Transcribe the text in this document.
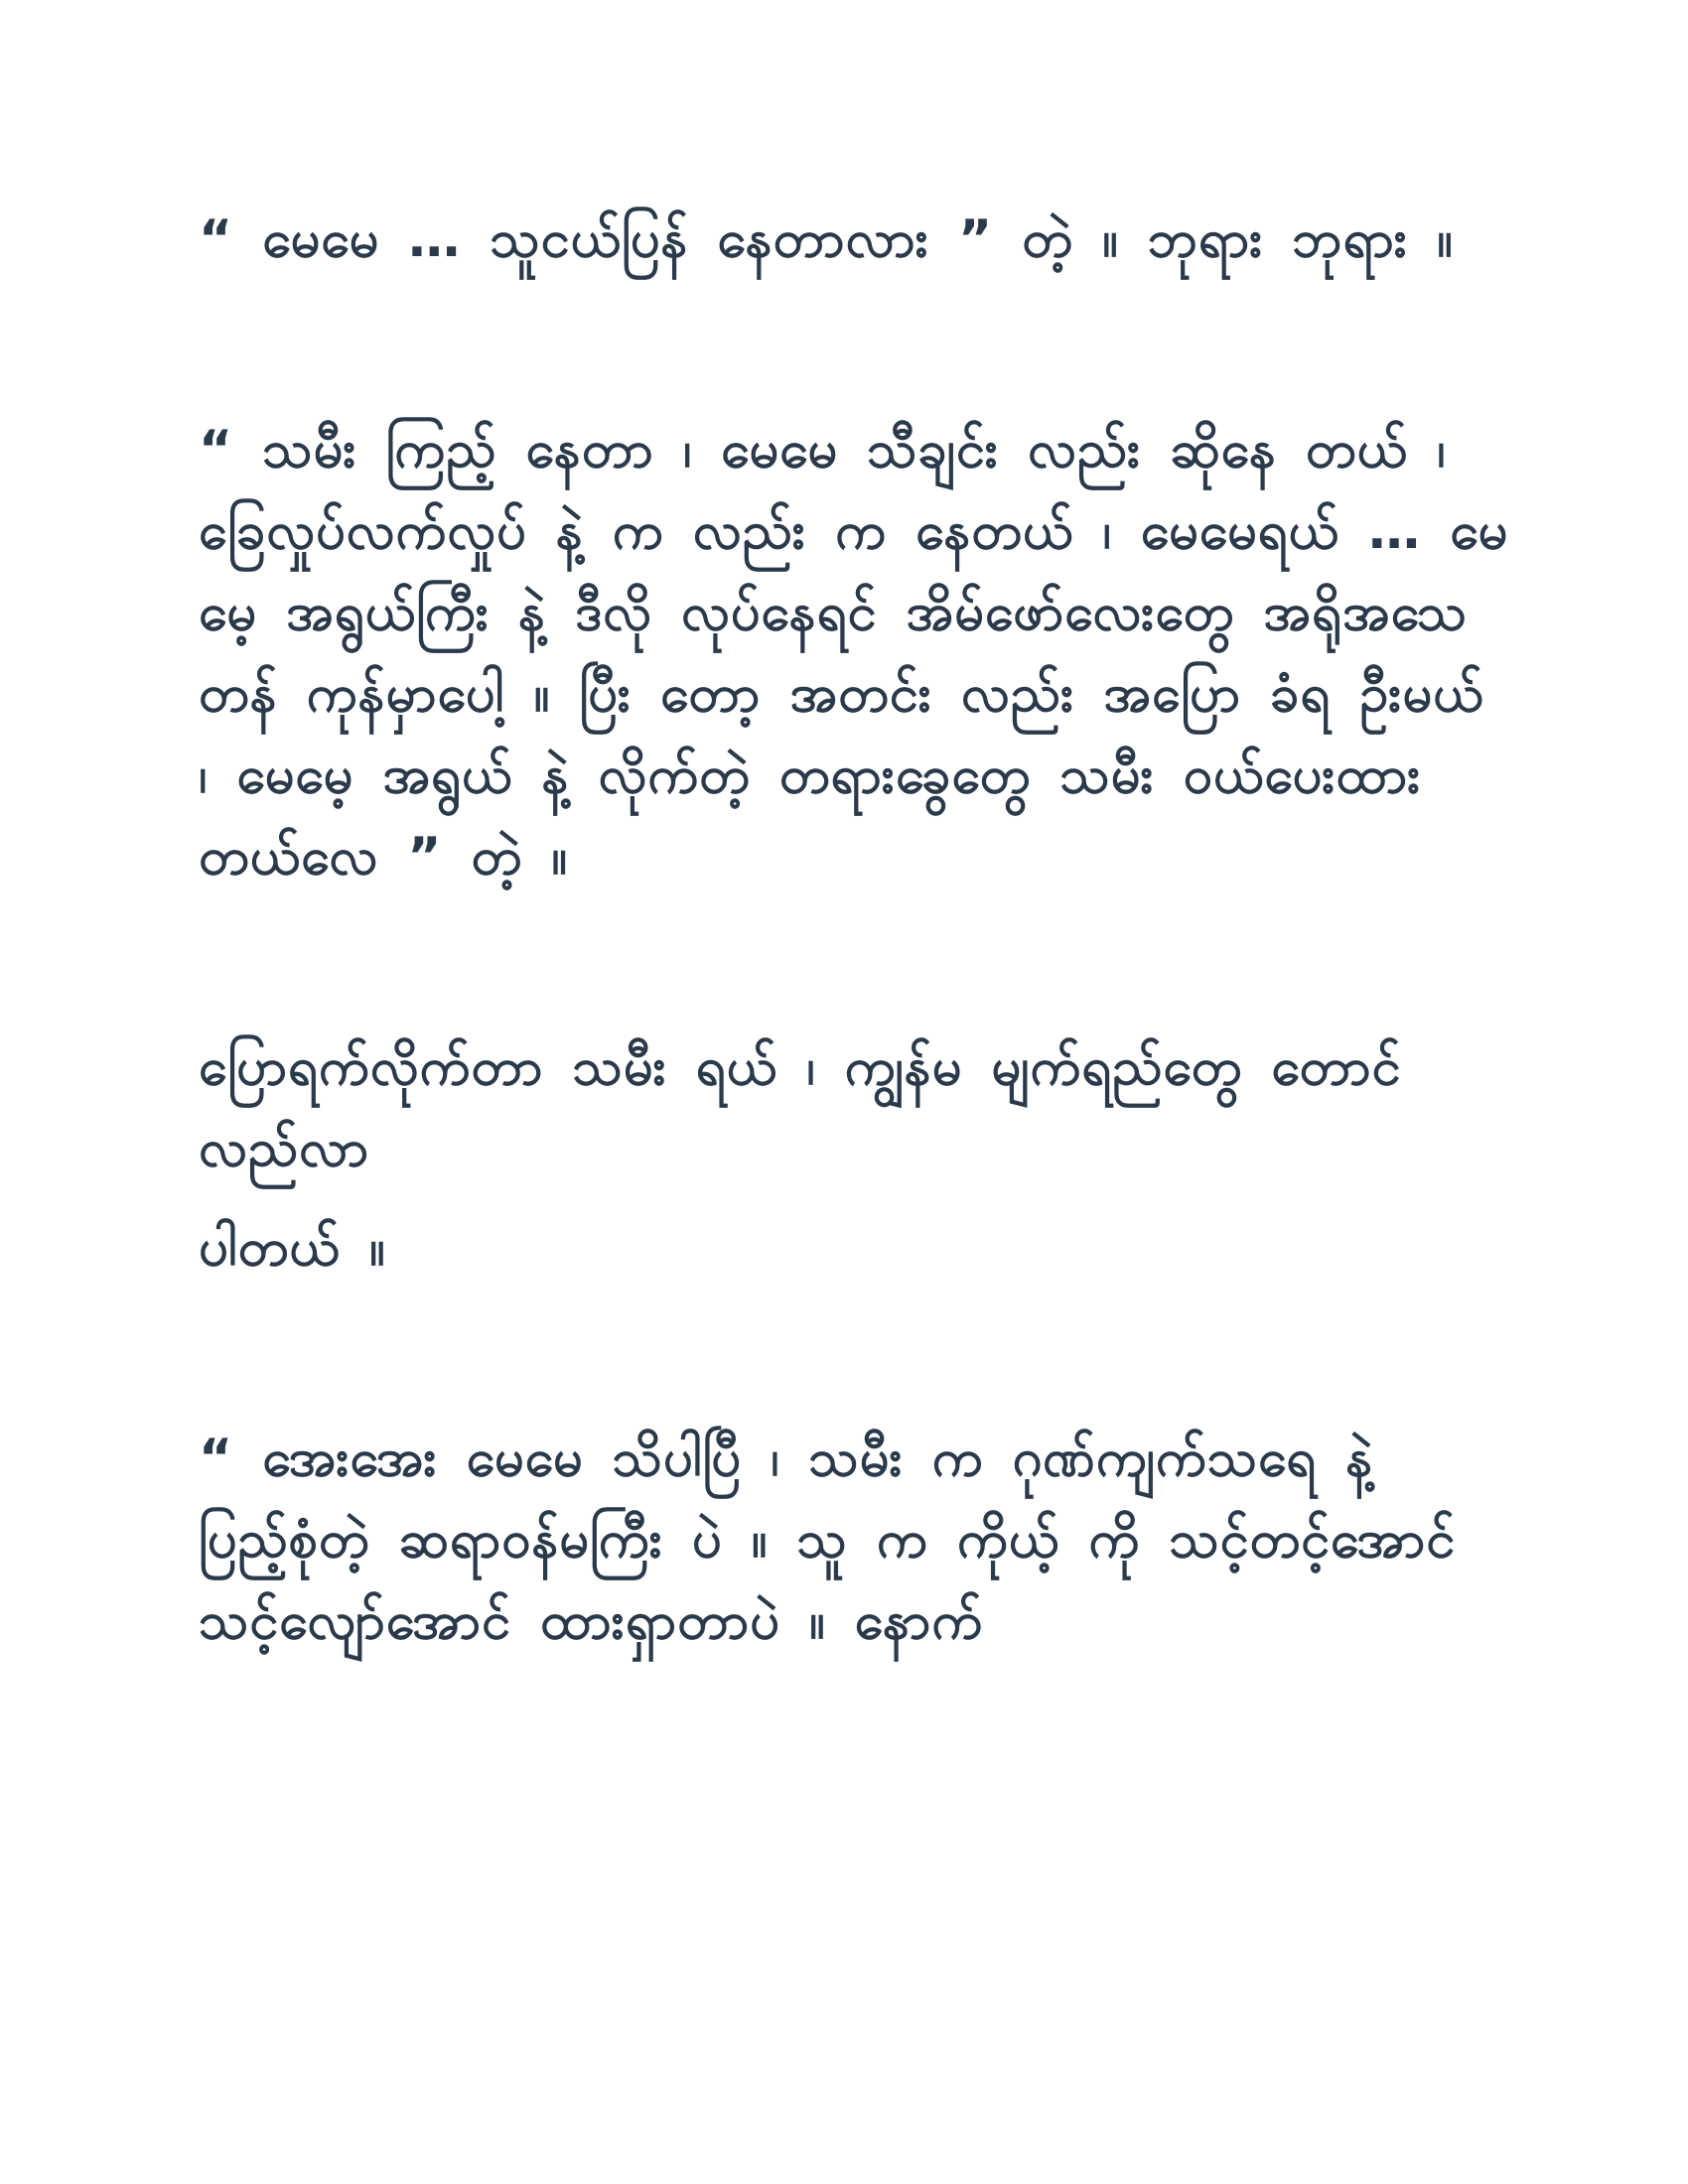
“ မေမေ … သူငယ်ပြန် နေတာလား ” တဲ့ ။ ဘုရား ဘုရား ။

“ သမီး ကြည့် နေတာ ၊ မေမေ သီချင်း လည်း ဆိုနေ တယ် ၊ ခြေလှုပ်လက်လှုပ် နဲ့ က လည်း က နေတယ် ၊ မေမေရယ် … မေမေ့ အရွယ်ကြီး နဲ့ ဒီလို လုပ်နေရင် အိမ်ဖော်လေးတွေ အရိုအသေတန် ကုန်မှာပေါ့ ။ ပြီး တော့ အတင်း လည်း အပြော ခံရ ဦးမယ် ၊ မေမေ့ အရွယ် နဲ့ လိုက်တဲ့ တရားခွေတွေ သမီး ဝယ်ပေးထား တယ်လေ ” တဲ့ ။

ပြောရက်လိုက်တာ သမီး ရယ် ၊ ကျွန်မ မျက်ရည်တွေ တောင် လည်လာ

ပါတယ် ။

“ အေးအေး မေမေ သိပါပြီ ၊ သမီး က ဂုဏ်ကျက်သရေ နဲ့ ပြည့်စုံတဲ့ ဆရာဝန်မကြီး ပဲ ။ သူ က ကိုယ့် ကို သင့်တင့်အောင် သင့်လျော်အောင် ထားရှာတာပဲ ။ နောက်
